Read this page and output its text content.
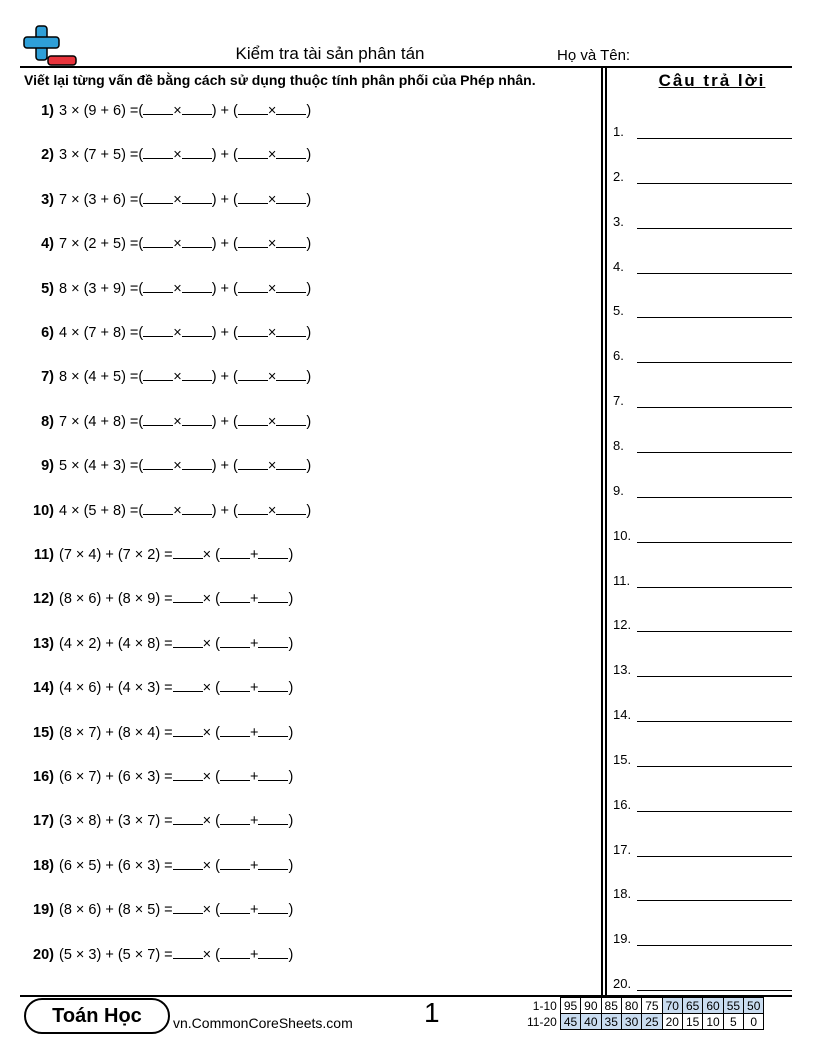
Kiểm tra tài sản phân tán	Họ và Tên:
Viết lại từng vấn đề bằng cách sử dụng thuộc tính phân phối của Phép nhân.	Câu trả lời
1) 3 × (9 + 6) =( × ) + ( × )
2) 3 × (7 + 5) =( × ) + ( × )
3) 7 × (3 + 6) =( × ) + ( × )
4) 7 × (2 + 5) =( × ) + ( × )
5) 8 × (3 + 9) =( × ) + ( × )
6) 4 × (7 + 8) =( × ) + ( × )
7) 8 × (4 + 5) =( × ) + ( × )
8) 7 × (4 + 8) =( × ) + ( × )
9) 5 × (4 + 3) =( × ) + ( × )
10) 4 × (5 + 8) =( × ) + ( × )
11) (7 × 4) + (7 × 2) = × ( + )
12) (8 × 6) + (8 × 9) = × ( + )
13) (4 × 2) + (4 × 8) = × ( + )
14) (4 × 6) + (4 × 3) = × ( + )
15) (8 × 7) + (8 × 4) = × ( + )
16) (6 × 7) + (6 × 3) = × ( + )
17) (3 × 8) + (3 × 7) = × ( + )
18) (6 × 5) + (6 × 3) = × ( + )
19) (8 × 6) + (8 × 5) = × ( + )
20) (5 × 3) + (5 × 7) = × ( + )
1.
2.
3.
4.
5.
6.
7.
8.
9.
10.
11.
12.
13.
14.
15.
16.
17.
18.
19.
20.
Toán Học	vn.CommonCoreSheets.com	1	1-10	95	90	85	80	75	70	65	60	55	50
11-20	45	40	35	30	25	20	15	10	5	0
